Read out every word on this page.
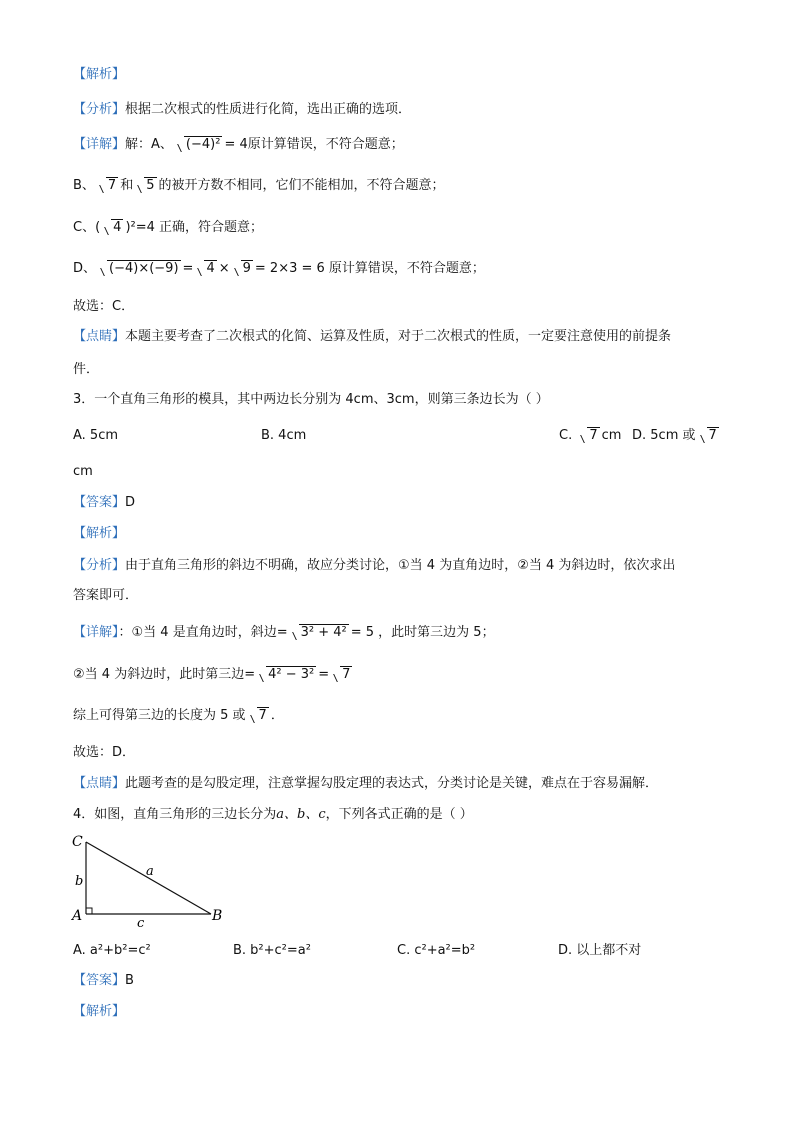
【解析】
【分析】根据二次根式的性质进行化简，选出正确的选项．
【详解】解：A、 (−4)² = 4原计算错误，不符合题意；
B、 7 和 5 的被开方数不相同，它们不能相加，不符合题意；
C、( 4 )²=4 正确，符合题意；
D、 (−4)×(−9) = 4 × 9 = 2×3 = 6 原计算错误，不符合题意；
故选：C．
【点睛】本题主要考查了二次根式的化简、运算及性质，对于二次根式的性质，一定要注意使用的前提条
件．
3．一个直角三角形的模具，其中两边长分别为 4cm、3cm，则第三条边长为（ ）
A. 5cm	B. 4cm	C. 7 cm D. 5cm 或 7
cm
【答案】D
【解析】
【分析】由于直角三角形的斜边不明确，故应分类讨论，①当 4 为直角边时，②当 4 为斜边时，依次求出
答案即可．
【详解】：①当 4 是直角边时，斜边= 3² + 4² = 5 ，此时第三边为 5；
②当 4 为斜边时，此时第三边= 4² − 3² = 7
综上可得第三边的长度为 5 或 7 ．
故选：D．
【点睛】此题考查的是勾股定理，注意掌握勾股定理的表达式，分类讨论是关键，难点在于容易漏解．
4．如图，直角三角形的三边长分为a、b、c，下列各式正确的是（ ）
C
A	B
a
b
c
A. a²+b²=c²	B. b²+c²=a²	C. c²+a²=b²	D. 以上都不对
【答案】B
【解析】
